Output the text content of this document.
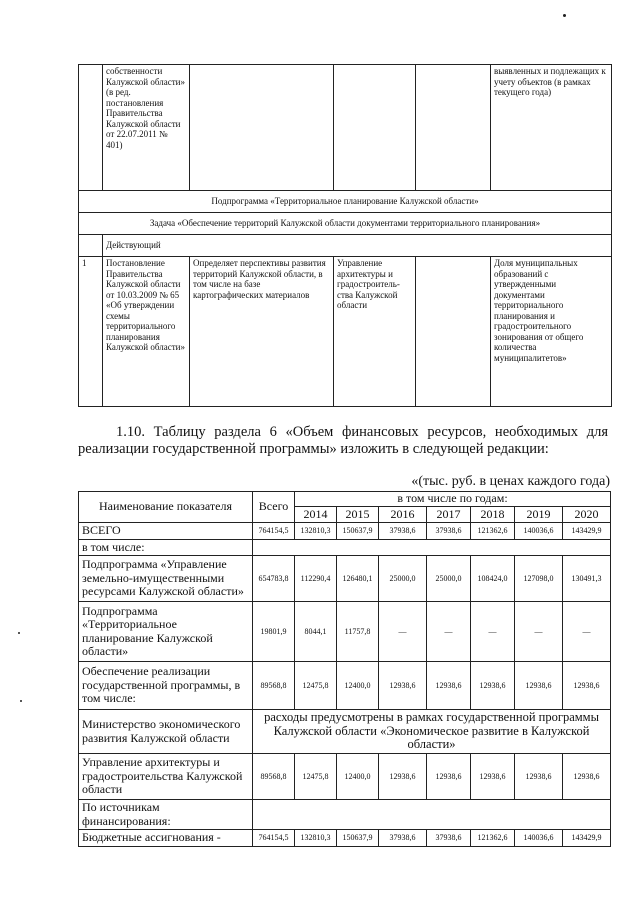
	собственности Калужской области» (в ред. постановления Правительства Калужской области от 22.07.2011 № 401)				выявленных и подлежащих к учету объектов (в рамках текущего года)
Подпрограмма «Территориальное планирование Калужской области»					
Задача «Обеспечение территорий Калужской области документами территориального планирования»					
	Действующий				
1	Постановление Правительства Калужской области от 10.03.2009 № 65 «Об утверждении схемы территориального планирования Калужской области»	Определяет перспективы развития территорий Калужской области, в том числе на базе картографических материалов	Управление архитектуры и градостроитель-ства Калужской области		Доля муниципальных образований с утвержденными документами территориального планирования и градостроительного зонирования от общего количества муниципалитетов»
1.10. Таблицу раздела 6 «Объем финансовых ресурсов, необходимых для реализации государственной программы» изложить в следующей редакции:
«(тыс. руб. в ценах каждого года)
Наименование показателя	Всего	в том числе по годам:						
		2014	2015	2016	2017	2018	2019	2020
ВСЕГО	764154,5	132810,3	150637,9	37938,6	37938,6	121362,6	140036,6	143429,9
в том числе:								
Подпрограмма «Управление земельно-имущественными ресурсами Калужской области»	654783,8	112290,4	126480,1	25000,0	25000,0	108424,0	127098,0	130491,3
Подпрограмма «Территориальное планирование Калужской области»	19801,9	8044,1	11757,8	—	—	—	—	—
Обеспечение реализации государственной программы, в том числе:	89568,8	12475,8	12400,0	12938,6	12938,6	12938,6	12938,6	12938,6
Министерство экономического развития Калужской области	расходы предусмотрены в рамках государственной программы Калужской области «Экономическое развитие в Калужской области»							
Управление архитектуры и градостроительства Калужской области	89568,8	12475,8	12400,0	12938,6	12938,6	12938,6	12938,6	12938,6
По источникам финансирования:								
Бюджетные ассигнования -	764154,5	132810,3	150637,9	37938,6	37938,6	121362,6	140036,6	143429,9
